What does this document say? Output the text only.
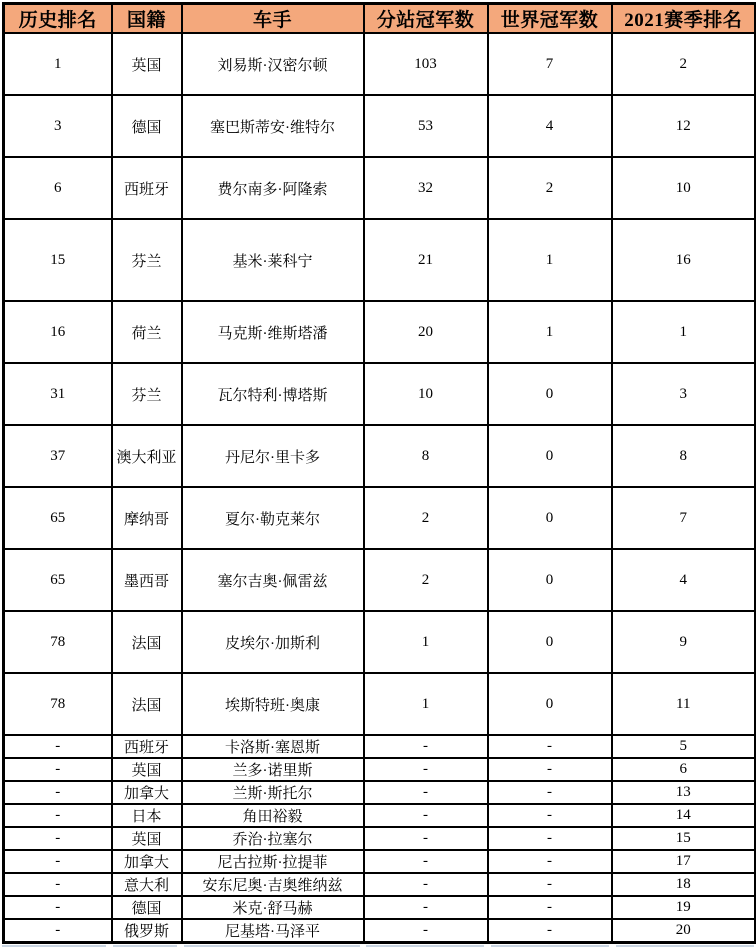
历史排名	国籍	车手	分站冠军数	世界冠军数	2021赛季排名
1	英国	刘易斯·汉密尔顿	103	7	2
3	德国	塞巴斯蒂安·维特尔	53	4	12
6	西班牙	费尔南多·阿隆索	32	2	10
15	芬兰	基米·莱科宁	21	1	16
16	荷兰	马克斯·维斯塔潘	20	1	1
31	芬兰	瓦尔特利·博塔斯	10	0	3
37	澳大利亚	丹尼尔·里卡多	8	0	8
65	摩纳哥	夏尔·勒克莱尔	2	0	7
65	墨西哥	塞尔吉奥·佩雷兹	2	0	4
78	法国	皮埃尔·加斯利	1	0	9
78	法国	埃斯特班·奥康	1	0	11
-	西班牙	卡洛斯·塞恩斯	-	-	5
-	英国	兰多·诺里斯	-	-	6
-	加拿大	兰斯·斯托尔	-	-	13
-	日本	角田裕毅	-	-	14
-	英国	乔治·拉塞尔	-	-	15
-	加拿大	尼古拉斯·拉提菲	-	-	17
-	意大利	安东尼奥·吉奥维纳兹	-	-	18
-	德国	米克·舒马赫	-	-	19
-	俄罗斯	尼基塔·马泽平	-	-	20
